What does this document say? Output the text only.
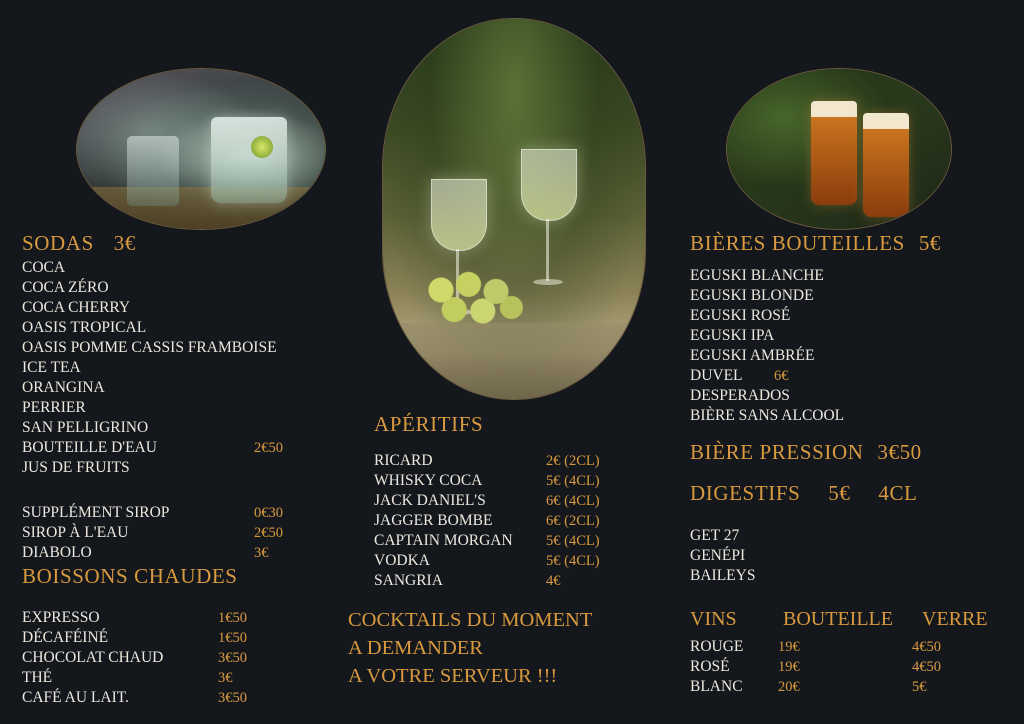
SODAS 3€
COCA
COCA ZÉRO
COCA CHERRY
OASIS TROPICAL
OASIS POMME CASSIS FRAMBOISE
ICE TEA
ORANGINA
PERRIER
SAN PELLIGRINO
BOUTEILLE D'EAU	2€50
JUS DE FRUITS
SUPPLÉMENT SIROP	0€30
SIROP À L'EAU	2€50
DIABOLO	3€
BOISSONS CHAUDES
EXPRESSO	1€50
DÉCAFÉINÉ	1€50
CHOCOLAT CHAUD	3€50
THÉ	3€
CAFÉ AU LAIT.	3€50
APÉRITIFS
RICARD	2€ (2CL)
WHISKY COCA	5€ (4CL)
JACK DANIEL'S	6€ (4CL)
JAGGER BOMBE	6€ (2CL)
CAPTAIN MORGAN 5€ (4CL)
VODKA	5€ (4CL)
SANGRIA	4€
COCKTAILS DU MOMENT
A DEMANDER
A VOTRE SERVEUR !!!
BIÈRES BOUTEILLES 5€
EGUSKI BLANCHE
EGUSKI BLONDE
EGUSKI ROSÉ
EGUSKI IPA
EGUSKI AMBRÉE
DUVEL 6€
DESPERADOS
BIÈRE SANS ALCOOL
BIÈRE PRESSION 3€50
DIGESTIFS 5€ 4CL
GET 27
GENÉPI
BAILEYS
VINS BOUTEILLE VERRE
ROUGE 19€	4€50
ROSÉ	19€	4€50
BLANC 20€	5€
